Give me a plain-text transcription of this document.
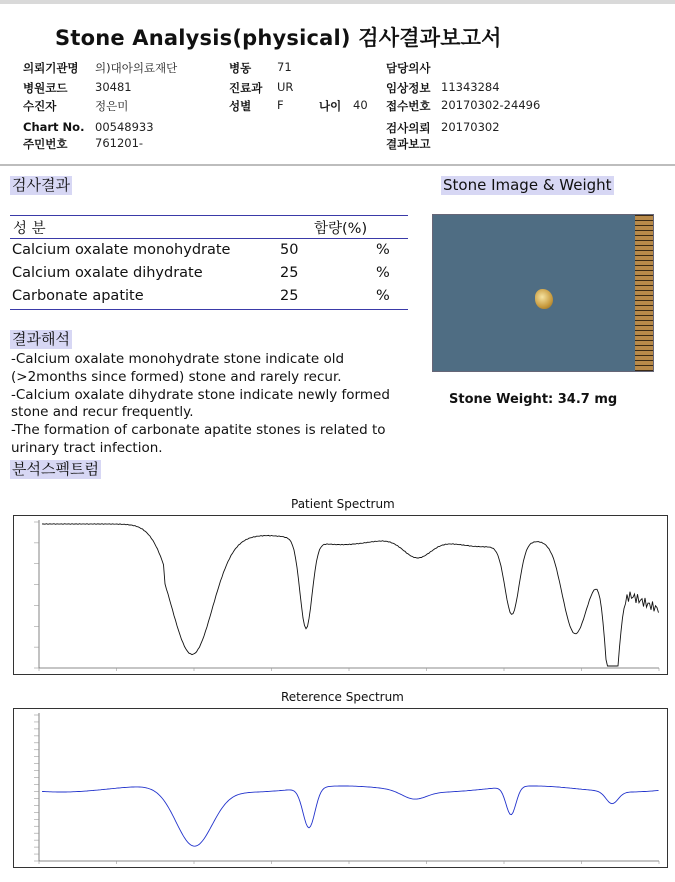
Stone Analysis(physical) 검사결과보고서
의뢰기관명 의)대아의료재단
병원코드 30481
수진자	정은미
Chart No. 00548933
주민번호 761201-
병동 71
진료과 UR
성별 F	나이 40
담당의사
임상정보 11343284
접수번호 20170302-24496
검사의뢰 20170302
결과보고
검사결과
성 분	함량(%)
Calcium oxalate monohydrate	50	%
Calcium oxalate dihydrate	25	%
Carbonate apatite	25	%
결과해석
-Calcium oxalate monohydrate stone indicate old
(>2months since formed) stone and rarely recur.
-Calcium oxalate dihydrate stone indicate newly formed
stone and recur frequently.
-The formation of carbonate apatite stones is related to
urinary tract infection.
Stone Image & Weight
Stone Weight: 34.7 mg
분석스펙트럼
Patient Spectrum
Reterence Spectrum
